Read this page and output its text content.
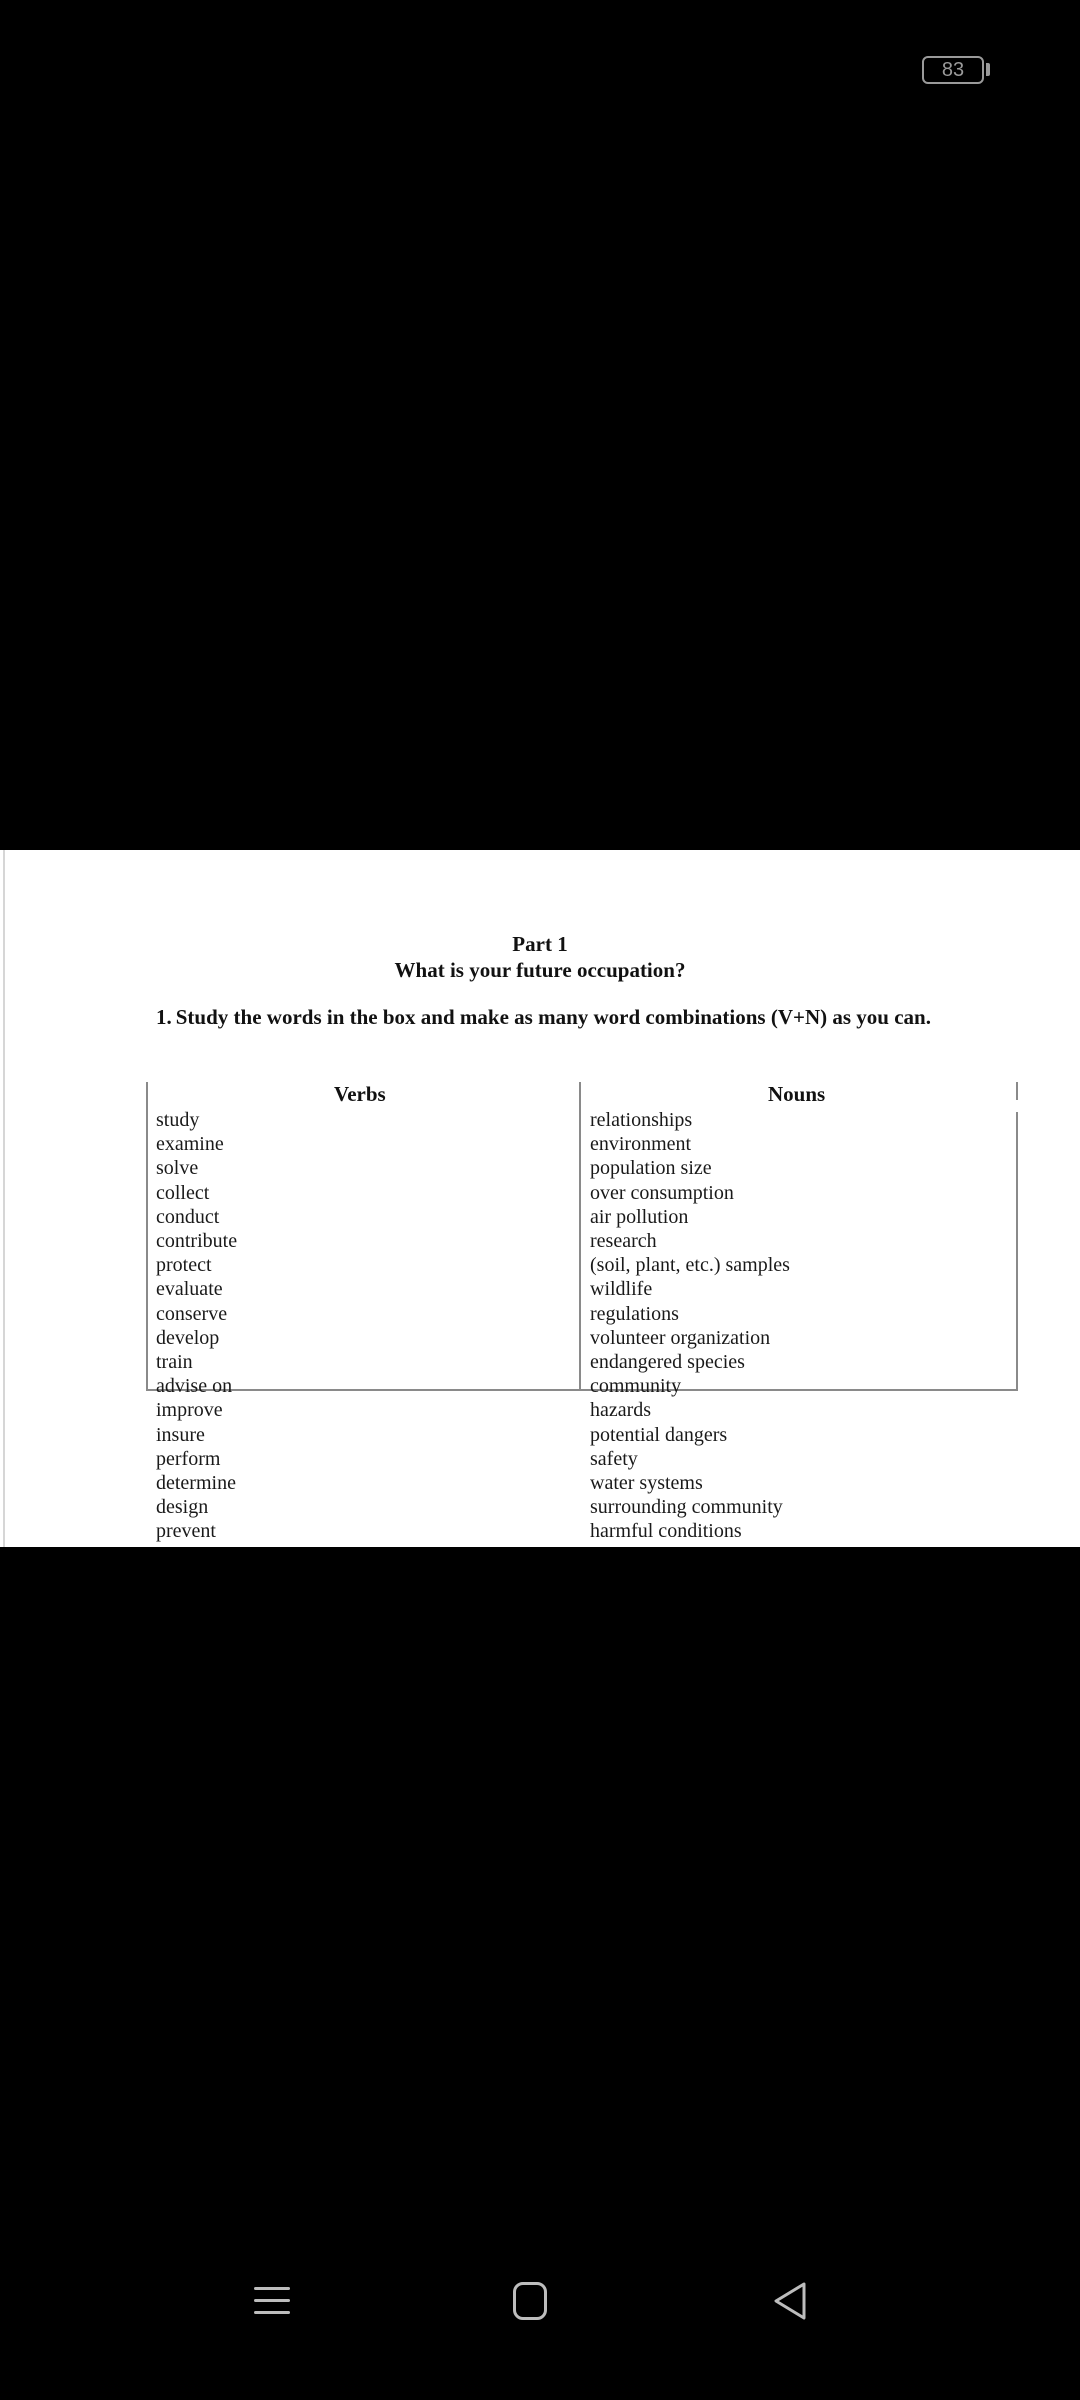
83
Part 1
What is your future occupation?
1. Study the words in the box and make as many word combinations (V+N) as you can.
Verbs	Nouns
study
examine
solve
collect
conduct
contribute
protect
evaluate
conserve
develop
train
advise on
improve
insure
perform
determine
design
prevent
relationships
environment
population size
over consumption
air pollution
research
(soil, plant, etc.) samples
wildlife
regulations
volunteer organization
endangered species
community
hazards
potential dangers
safety
water systems
surrounding community
harmful conditions
